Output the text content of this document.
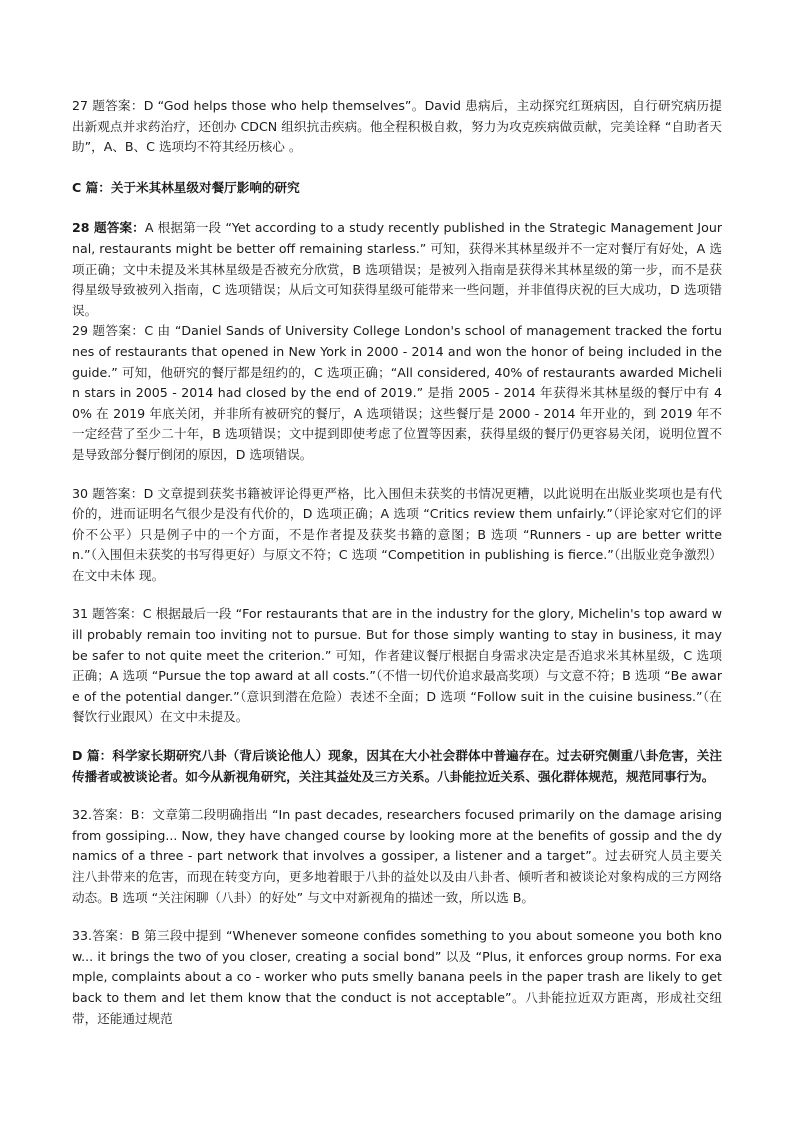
27 题答案：D “God helps those who help themselves”。David 患病后，主动探究红斑病因，自行研究病历提出新观点并求药治疗，还创办 CDCN 组织抗击疾病。他全程积极自救，努力为攻克疾病做贡献，完美诠释 “自助者天助”，A、B、C 选项均不符其经历核心 。

C 篇：关于米其林星级对餐厅影响的研究

28 题答案：A 根据第一段 “Yet according to a study recently published in the Strategic Management Journal, restaurants might be better off remaining starless.” 可知，获得米其林星级并不一定对餐厅有好处，A 选项正确；文中未提及米其林星级是否被充分欣赏，B 选项错误；是被列入指南是获得米其林星级的第一步，而不是获得星级导致被列入指南，C 选项错误；从后文可知获得星级可能带来一些问题，并非值得庆祝的巨大成功，D 选项错误。

29 题答案：C 由 “Daniel Sands of University College London's school of management tracked the fortunes of restaurants that opened in New York in 2000 - 2014 and won the honor of being included in the guide.” 可知，他研究的餐厅都是纽约的，C 选项正确；“All considered, 40% of restaurants awarded Michelin stars in 2005 - 2014 had closed by the end of 2019.” 是指 2005 - 2014 年获得米其林星级的餐厅中有 40% 在 2019 年底关闭，并非所有被研究的餐厅，A 选项错误；这些餐厅是 2000 - 2014 年开业的，到 2019 年不一定经营了至少二十年，B 选项错误；文中提到即使考虑了位置等因素，获得星级的餐厅仍更容易关闭，说明位置不是导致部分餐厅倒闭的原因，D 选项错误。

30 题答案：D 文章提到获奖书籍被评论得更严格，比入围但未获奖的书情况更糟，以此说明在出版业奖项也是有代价的，进而证明名气很少是没有代价的，D 选项正确；A 选项 “Critics review them unfairly.”（评论家对它们的评价不公平）只是例子中的一个方面，不是作者提及获奖书籍的意图；B 选项 “Runners - up are better written.”（入围但未获奖的书写得更好）与原文不符；C 选项 “Competition in publishing is fierce.”（出版业竞争激烈）在文中未体 现。

31 题答案：C 根据最后一段 “For restaurants that are in the industry for the glory, Michelin's top award will probably remain too inviting not to pursue. But for those simply wanting to stay in business, it may be safer to not quite meet the criterion.” 可知，作者建议餐厅根据自身需求决定是否追求米其林星级，C 选项正确；A 选项 “Pursue the top award at all costs.”（不惜一切代价追求最高奖项）与文意不符；B 选项 “Be aware of the potential danger.”（意识到潜在危险）表述不全面；D 选项 “Follow suit in the cuisine business.”（在餐饮行业跟风）在文中未提及。

D 篇：科学家长期研究八卦（背后谈论他人）现象，因其在大小社会群体中普遍存在。过去研究侧重八卦危害，关注传播者或被谈论者。如今从新视角研究，关注其益处及三方关系。八卦能拉近关系、强化群体规范，规范同事行为。

32.答案：B：文章第二段明确指出 “In past decades, researchers focused primarily on the damage arising from gossiping... Now, they have changed course by looking more at the benefits of gossip and the dynamics of a three - part network that involves a gossiper, a listener and a target”。过去研究人员主要关注八卦带来的危害，而现在转变方向，更多地着眼于八卦的益处以及由八卦者、倾听者和被谈论对象构成的三方网络动态。B 选项 “关注闲聊（八卦）的好处” 与文中对新视角的描述一致，所以选 B。

33.答案：B 第三段中提到 “Whenever someone confides something to you about someone you both know... it brings the two of you closer, creating a social bond” 以及 “Plus, it enforces group norms. For example, complaints about a co - worker who puts smelly banana peels in the paper trash are likely to get back to them and let them know that the conduct is not acceptable”。八卦能拉近双方距离，形成社交纽带，还能通过规范
